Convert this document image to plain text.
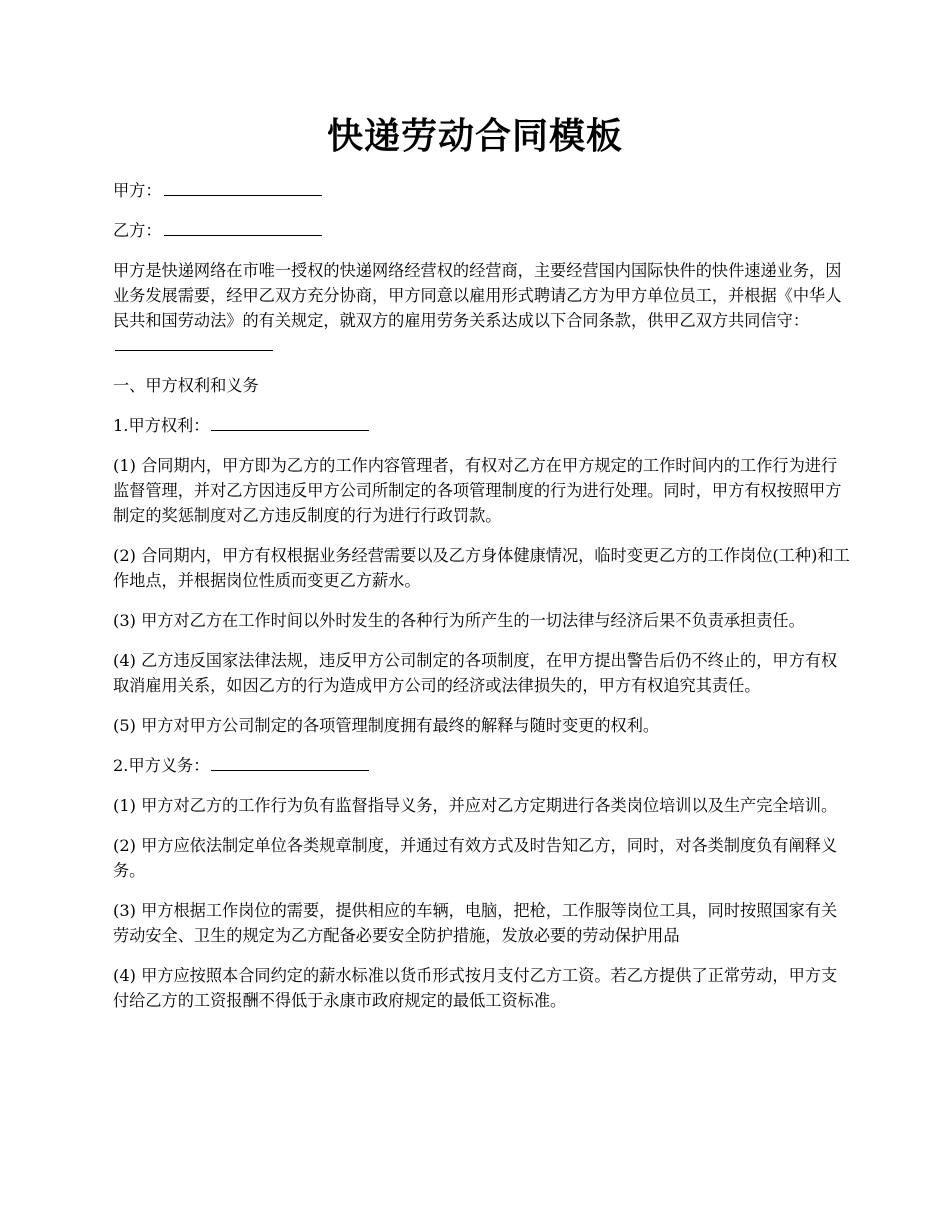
快递劳动合同模板

甲方：

乙方：

甲方是快递网络在市唯一授权的快递网络经营权的经营商，主要经营国内国际快件的快件速递业务，因业务发展需要，经甲乙双方充分协商，甲方同意以雇用形式聘请乙方为甲方单位员工，并根据《中华人民共和国劳动法》的有关规定，就双方的雇用劳务关系达成以下合同条款，供甲乙双方共同信守：

一、甲方权利和义务

1.甲方权利：

(1) 合同期内，甲方即为乙方的工作内容管理者，有权对乙方在甲方规定的工作时间内的工作行为进行监督管理，并对乙方因违反甲方公司所制定的各项管理制度的行为进行处理。同时，甲方有权按照甲方制定的奖惩制度对乙方违反制度的行为进行行政罚款。

(2) 合同期内，甲方有权根据业务经营需要以及乙方身体健康情况，临时变更乙方的工作岗位(工种)和工作地点，并根据岗位性质而变更乙方薪水。

(3) 甲方对乙方在工作时间以外时发生的各种行为所产生的一切法律与经济后果不负责承担责任。

(4) 乙方违反国家法律法规，违反甲方公司制定的各项制度，在甲方提出警告后仍不终止的，甲方有权取消雇用关系，如因乙方的行为造成甲方公司的经济或法律损失的，甲方有权追究其责任。

(5) 甲方对甲方公司制定的各项管理制度拥有最终的解释与随时变更的权利。

2.甲方义务：

(1) 甲方对乙方的工作行为负有监督指导义务，并应对乙方定期进行各类岗位培训以及生产完全培训。

(2) 甲方应依法制定单位各类规章制度，并通过有效方式及时告知乙方，同时，对各类制度负有阐释义务。

(3) 甲方根据工作岗位的需要，提供相应的车辆，电脑，把枪，工作服等岗位工具，同时按照国家有关劳动安全、卫生的规定为乙方配备必要安全防护措施，发放必要的劳动保护用品

(4) 甲方应按照本合同约定的薪水标准以货币形式按月支付乙方工资。若乙方提供了正常劳动，甲方支付给乙方的工资报酬不得低于永康市政府规定的最低工资标准。
